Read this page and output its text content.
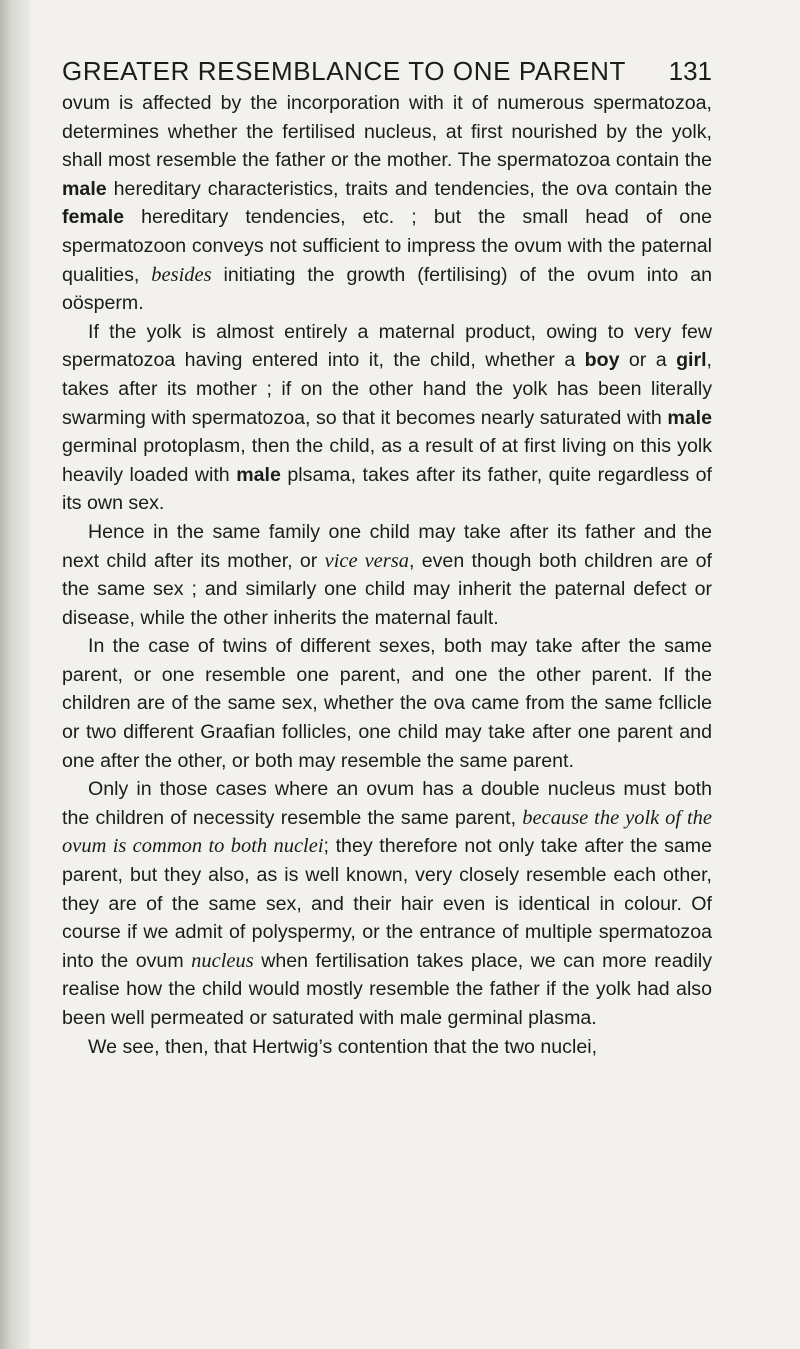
GREATER RESEMBLANCE TO ONE PARENT 131

ovum is affected by the incorporation with it of numerous spermatozoa, determines whether the fertilised nucleus, at first nourished by the yolk, shall most resemble the father or the mother. The spermatozoa contain the male hereditary characteristics, traits and tendencies, the ova contain the female hereditary tendencies, etc. ; but the small head of one spermatozoon conveys not sufficient to impress the ovum with the paternal qualities, besides initiating the growth (fertilising) of the ovum into an oösperm.

If the yolk is almost entirely a maternal product, owing to very few spermatozoa having entered into it, the child, whether a boy or a girl, takes after its mother ; if on the other hand the yolk has been literally swarming with spermatozoa, so that it becomes nearly saturated with male germinal protoplasm, then the child, as a result of at first living on this yolk heavily loaded with male plsama, takes after its father, quite regardless of its own sex.

Hence in the same family one child may take after its father and the next child after its mother, or vice versa, even though both children are of the same sex ; and similarly one child may inherit the paternal defect or disease, while the other inherits the maternal fault.

In the case of twins of different sexes, both may take after the same parent, or one resemble one parent, and one the other parent. If the children are of the same sex, whether the ova came from the same fcllicle or two different Graafian follicles, one child may take after one parent and one after the other, or both may resemble the same parent.

Only in those cases where an ovum has a double nucleus must both the children of necessity resemble the same parent, because the yolk of the ovum is common to both nuclei; they therefore not only take after the same parent, but they also, as is well known, very closely resemble each other, they are of the same sex, and their hair even is identical in colour. Of course if we admit of polyspermy, or the entrance of multiple spermatozoa into the ovum nucleus when fertilisation takes place, we can more readily realise how the child would mostly resemble the father if the yolk had also been well permeated or saturated with male germinal plasma.

We see, then, that Hertwig’s contention that the two nuclei,
